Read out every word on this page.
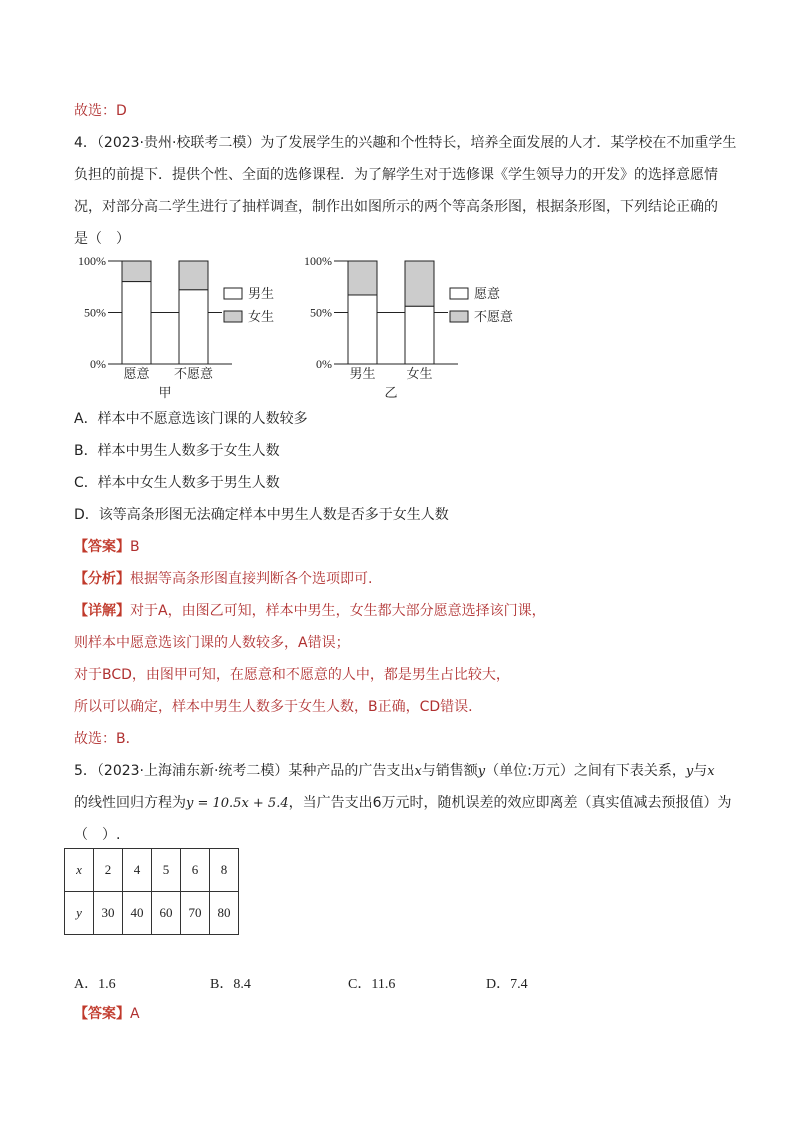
故选：D
4．（2023·贵州·校联考二模）为了发展学生的兴趣和个性特长，培养全面发展的人才．某学校在不加重学生
负担的前提下．提供个性、全面的选修课程．为了解学生对于选修课《学生领导力的开发》的选择意愿情
况，对部分高二学生进行了抽样调查，制作出如图所示的两个等高条形图，根据条形图，下列结论正确的
是（　）
100%
50%
0%
愿意 不愿意
男生
女生
甲
100%
50%
0%
男生 女生
愿意
不愿意
乙
A．样本中不愿意选该门课的人数较多
B．样本中男生人数多于女生人数
C．样本中女生人数多于男生人数
D．该等高条形图无法确定样本中男生人数是否多于女生人数
【答案】B
【分析】根据等高条形图直接判断各个选项即可.
【详解】对于A，由图乙可知，样本中男生，女生都大部分愿意选择该门课，
则样本中愿意选该门课的人数较多，A错误；
对于BCD，由图甲可知，在愿意和不愿意的人中，都是男生占比较大，
所以可以确定，样本中男生人数多于女生人数，B正确，CD错误.
故选：B．
5．（2023·上海浦东新·统考二模）某种产品的广告支出x与销售额y（单位:万元）之间有下表关系，y与x
的线性回归方程为y = 10.5x + 5.4，当广告支出6万元时，随机误差的效应即离差（真实值减去预报值）为
（　）.
x	2	4	5	6	8
y	30	40	60	70	80
A．1.6	B．8.4	C．11.6	D．7.4
【答案】A
